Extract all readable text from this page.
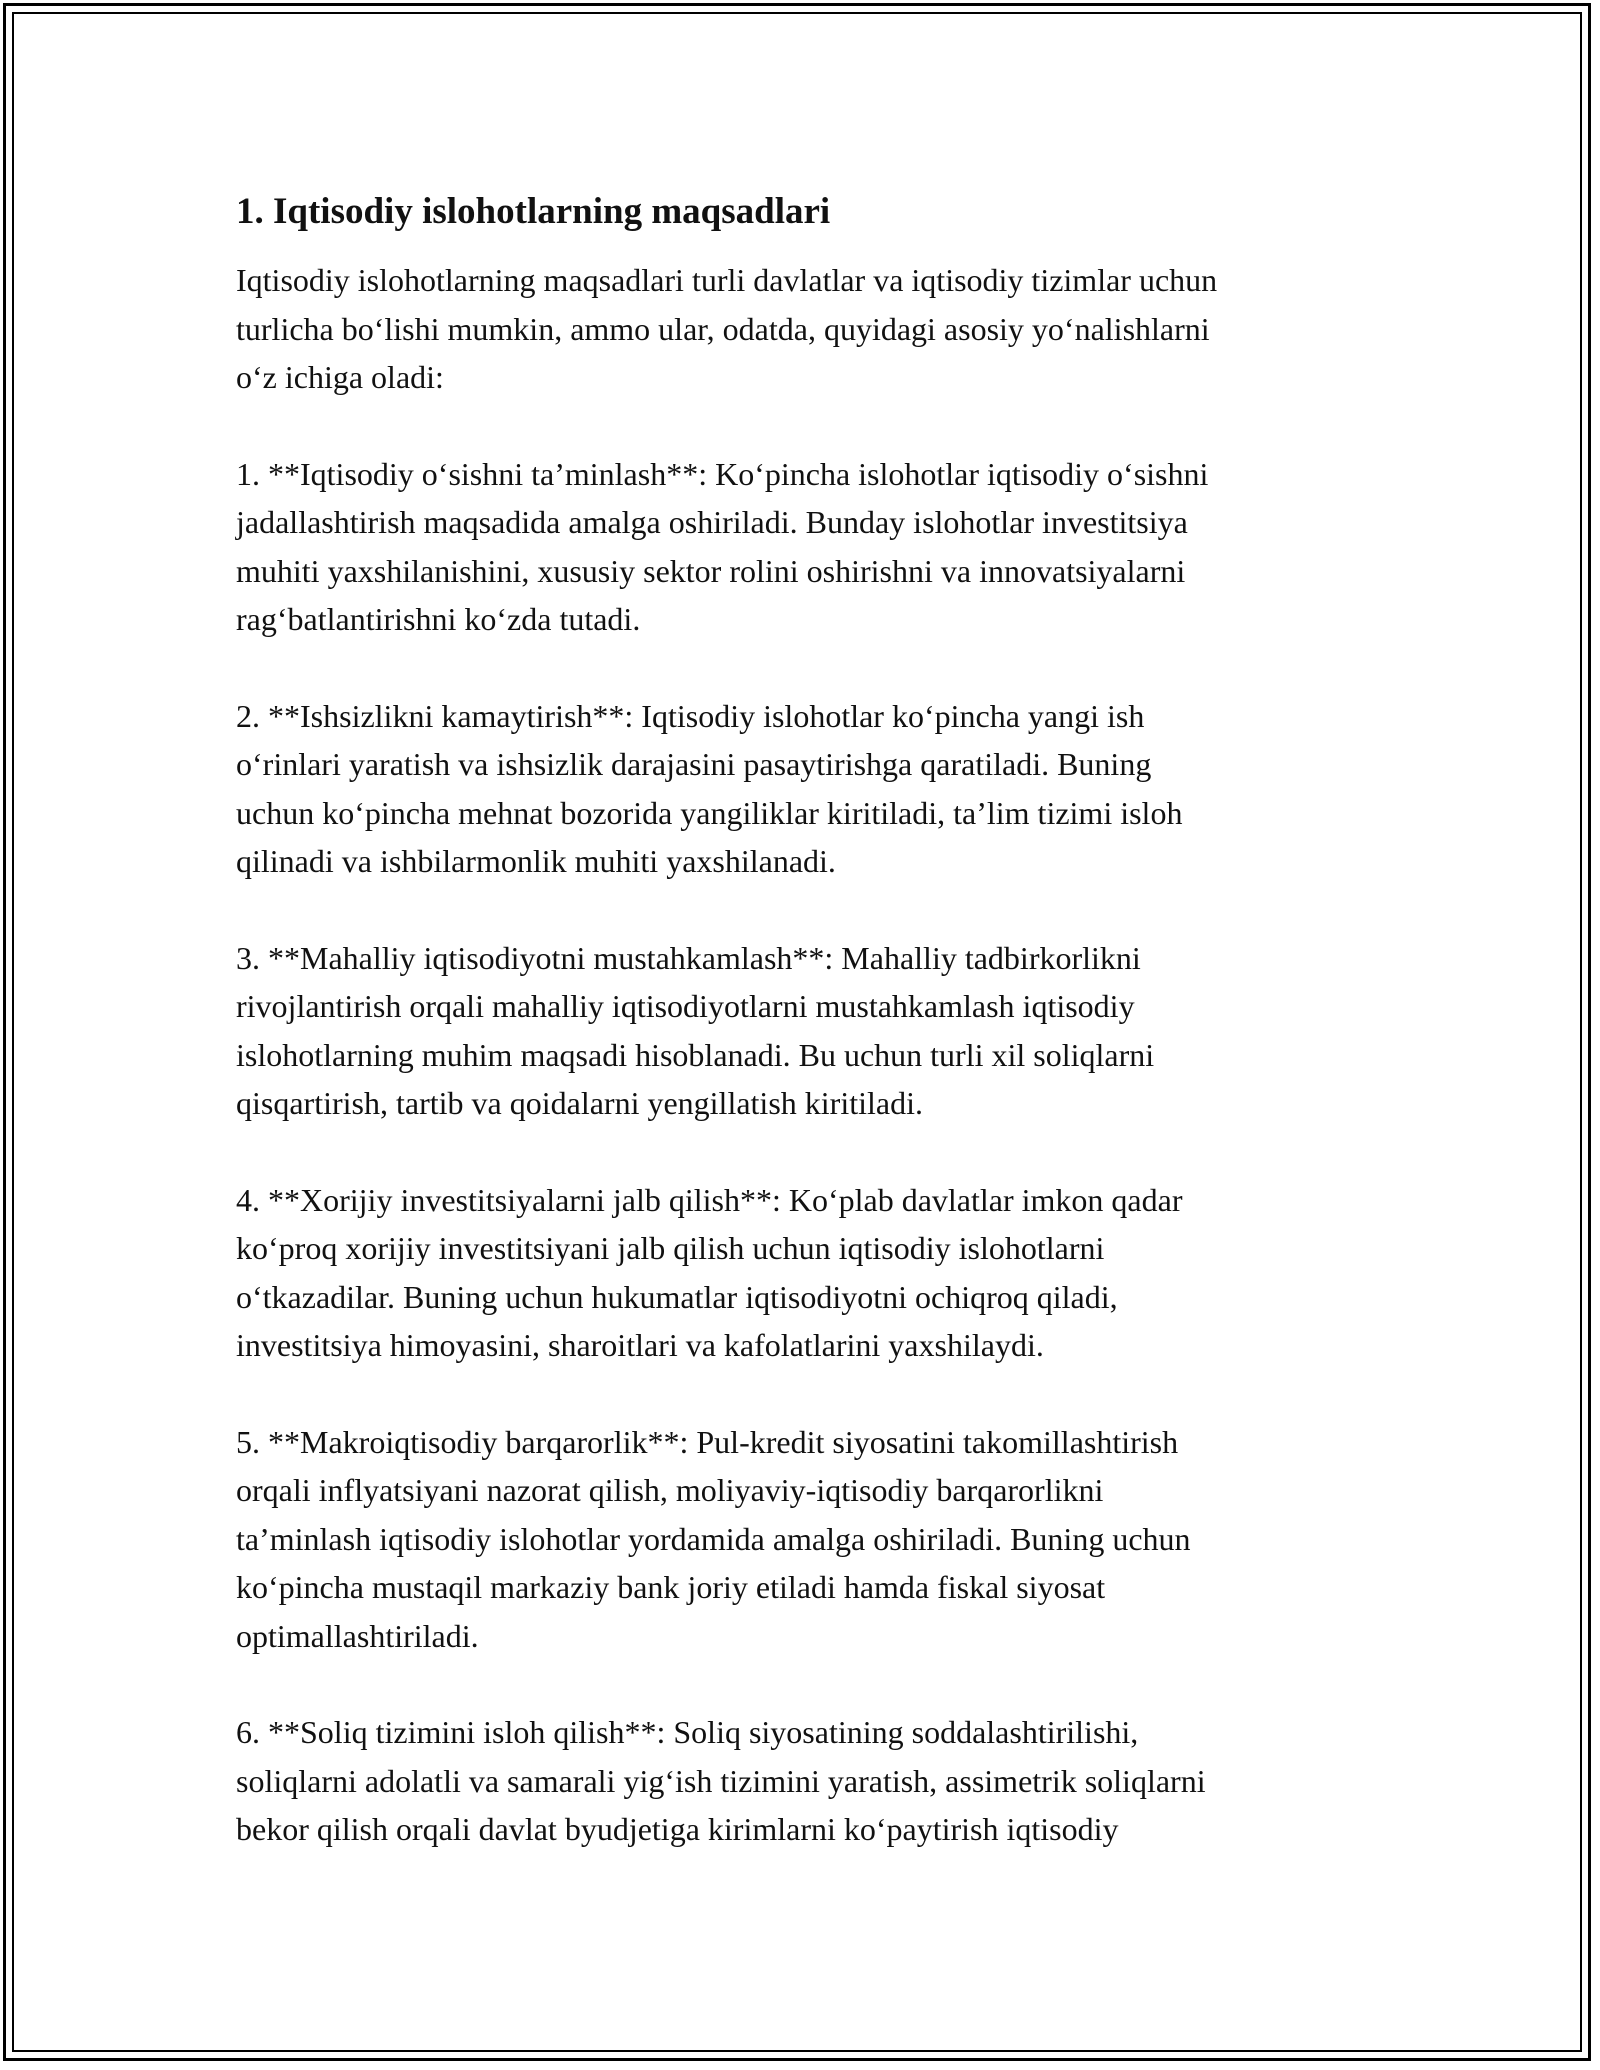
1. Iqtisodiy islohotlarning maqsadlari

Iqtisodiy islohotlarning maqsadlari turli davlatlar va iqtisodiy tizimlar uchun
turlicha bo‘lishi mumkin, ammo ular, odatda, quyidagi asosiy yo‘nalishlarni
o‘z ichiga oladi:

1. **Iqtisodiy o‘sishni ta’minlash**: Ko‘pincha islohotlar iqtisodiy o‘sishni
jadallashtirish maqsadida amalga oshiriladi. Bunday islohotlar investitsiya
muhiti yaxshilanishini, xususiy sektor rolini oshirishni va innovatsiyalarni
rag‘batlantirishni ko‘zda tutadi.

2. **Ishsizlikni kamaytirish**: Iqtisodiy islohotlar ko‘pincha yangi ish
o‘rinlari yaratish va ishsizlik darajasini pasaytirishga qaratiladi. Buning
uchun ko‘pincha mehnat bozorida yangiliklar kiritiladi, ta’lim tizimi isloh
qilinadi va ishbilarmonlik muhiti yaxshilanadi.

3. **Mahalliy iqtisodiyotni mustahkamlash**: Mahalliy tadbirkorlikni
rivojlantirish orqali mahalliy iqtisodiyotlarni mustahkamlash iqtisodiy
islohotlarning muhim maqsadi hisoblanadi. Bu uchun turli xil soliqlarni
qisqartirish, tartib va qoidalarni yengillatish kiritiladi.

4. **Xorijiy investitsiyalarni jalb qilish**: Ko‘plab davlatlar imkon qadar
ko‘proq xorijiy investitsiyani jalb qilish uchun iqtisodiy islohotlarni
o‘tkazadilar. Buning uchun hukumatlar iqtisodiyotni ochiqroq qiladi,
investitsiya himoyasini, sharoitlari va kafolatlarini yaxshilaydi.

5. **Makroiqtisodiy barqarorlik**: Pul-kredit siyosatini takomillashtirish
orqali inflyatsiyani nazorat qilish, moliyaviy-iqtisodiy barqarorlikni
ta’minlash iqtisodiy islohotlar yordamida amalga oshiriladi. Buning uchun
ko‘pincha mustaqil markaziy bank joriy etiladi hamda fiskal siyosat
optimallashtiriladi.

6. **Soliq tizimini isloh qilish**: Soliq siyosatining soddalashtirilishi,
soliqlarni adolatli va samarali yig‘ish tizimini yaratish, assimetrik soliqlarni
bekor qilish orqali davlat byudjetiga kirimlarni ko‘paytirish iqtisodiy
